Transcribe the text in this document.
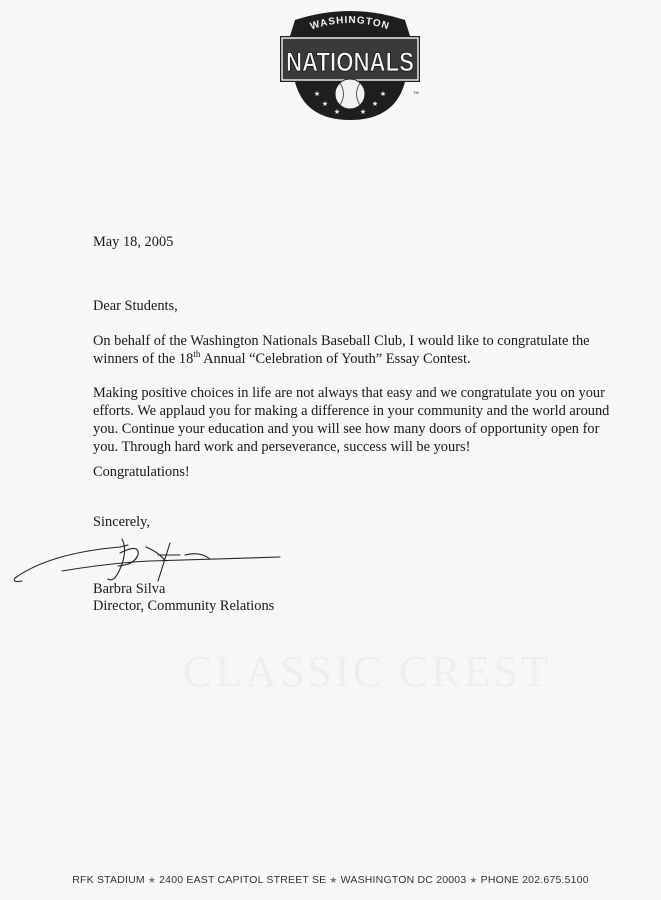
WASHINGTON
NATIONALS
★
★
★	★
★
★	TM
May 18, 2005
Dear Students,
On behalf of the Washington Nationals Baseball Club, I would like to congratulate the winners of the 18th Annual “Celebration of Youth” Essay Contest.
Making positive choices in life are not always that easy and we congratulate you on your efforts. We applaud you for making a difference in your community and the world around you. Continue your education and you will see how many doors of opportunity open for you. Through hard work and perseverance, success will be yours!
Congratulations!
Sincerely,
Barbra Silva
Director, Community Relations
RFK STADIUM ★ 2400 EAST CAPITOL STREET SE ★ WASHINGTON DC 20003 ★ PHONE 202.675.5100
